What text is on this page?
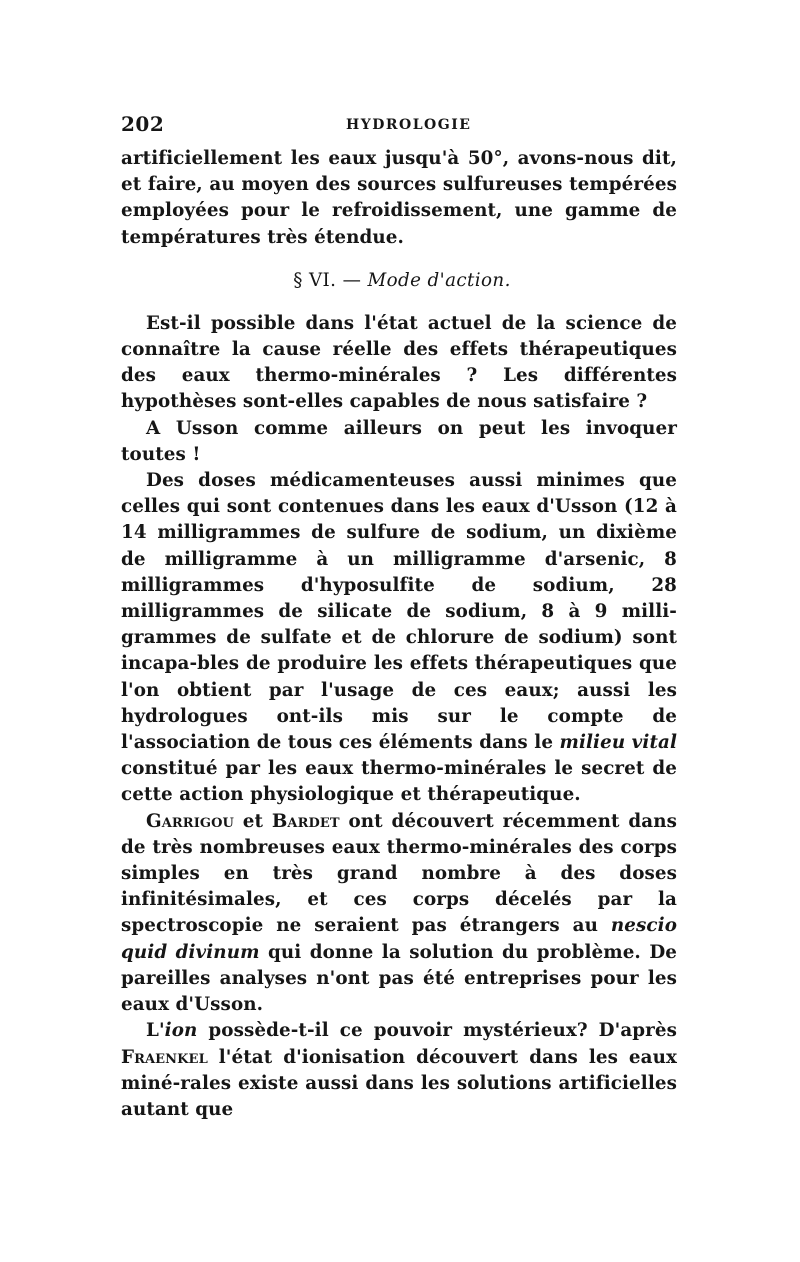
202	HYDROLOGIE

artificiellement les eaux jusqu'à 50°, avons-nous dit, et faire, au moyen des sources sulfureuses tempérées employées pour le refroidissement, une gamme de températures très étendue.

§ VI. — Mode d'action.

Est-il possible dans l'état actuel de la science de connaître la cause réelle des effets thérapeutiques des eaux thermo-minérales ? Les différentes hypothèses sont-elles capables de nous satisfaire ?

A Usson comme ailleurs on peut les invoquer toutes !

Des doses médicamenteuses aussi minimes que celles qui sont contenues dans les eaux d'Usson (12 à 14 milligrammes de sulfure de sodium, un dixième de milligramme à un milligramme d'arsenic, 8 milligrammes d'hyposulfite de sodium, 28 milligrammes de silicate de sodium, 8 à 9 milli-grammes de sulfate et de chlorure de sodium) sont incapa-bles de produire les effets thérapeutiques que l'on obtient par l'usage de ces eaux; aussi les hydrologues ont-ils mis sur le compte de l'association de tous ces éléments dans le milieu vital constitué par les eaux thermo-minérales le secret de cette action physiologique et thérapeutique.

Garrigou et Bardet ont découvert récemment dans de très nombreuses eaux thermo-minérales des corps simples en très grand nombre à des doses infinitésimales, et ces corps décelés par la spectroscopie ne seraient pas étrangers au nescio quid divinum qui donne la solution du problème. De pareilles analyses n'ont pas été entreprises pour les eaux d'Usson.

L'ion possède-t-il ce pouvoir mystérieux? D'après Fraenkel l'état d'ionisation découvert dans les eaux miné-rales existe aussi dans les solutions artificielles autant que
